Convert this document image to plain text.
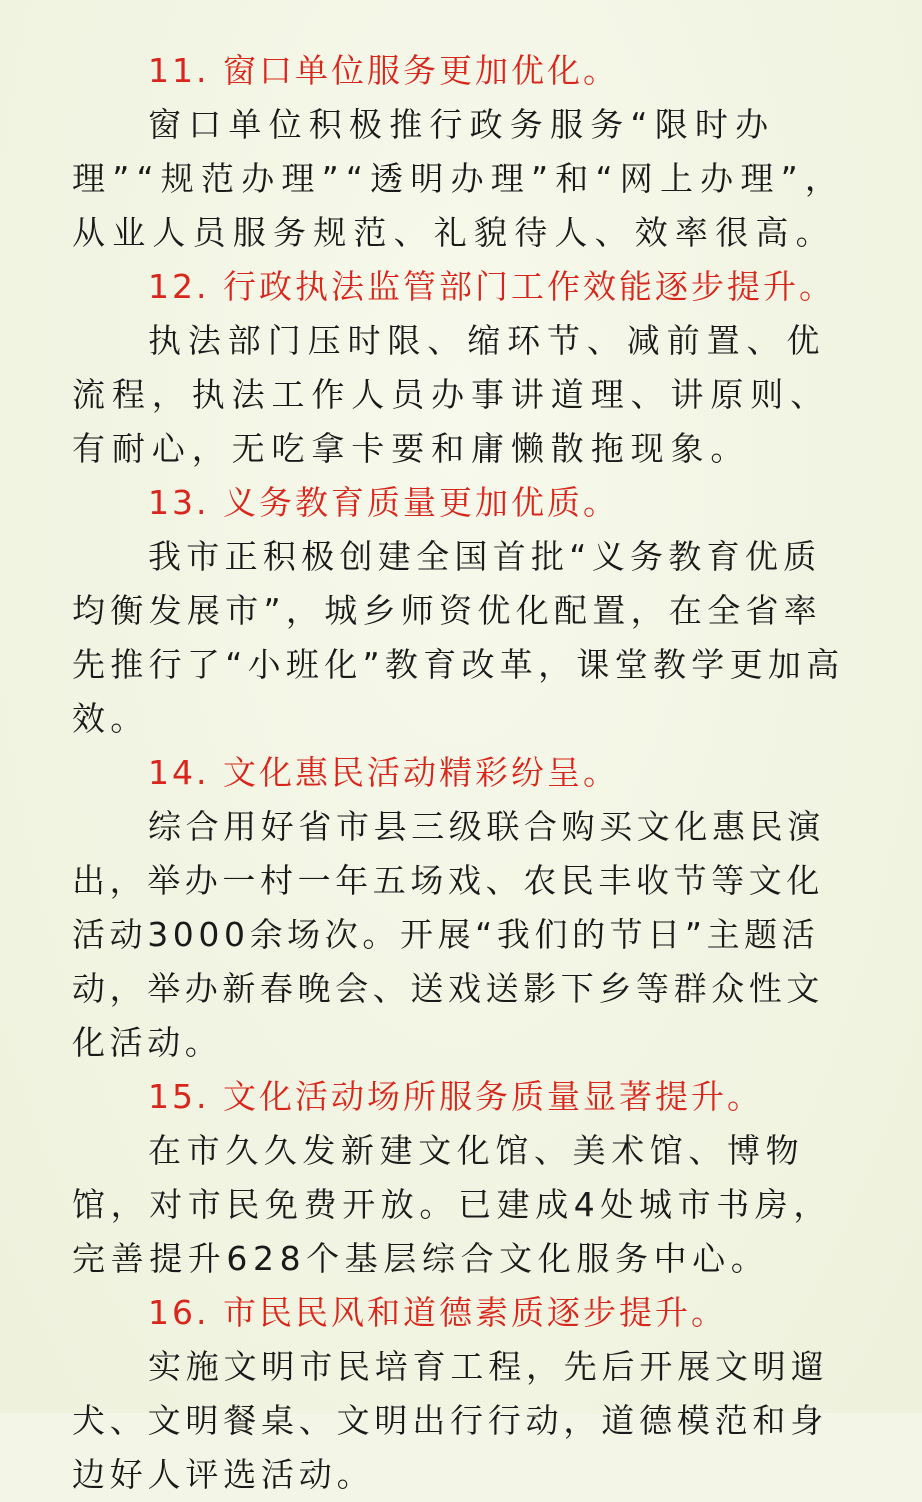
11. 窗口单位服务更加优化。
窗口单位积极推行政务服务“限时办理”“规范办理”“透明办理”和“网上办理”，从业人员服务规范、礼貌待人、效率很高。
12. 行政执法监管部门工作效能逐步提升。
执法部门压时限、缩环节、减前置、优流程，执法工作人员办事讲道理、讲原则、有耐心，无吃拿卡要和庸懒散拖现象。
13. 义务教育质量更加优质。
我市正积极创建全国首批“义务教育优质均衡发展市”，城乡师资优化配置，在全省率先推行了“小班化”教育改革，课堂教学更加高效。
14. 文化惠民活动精彩纷呈。
综合用好省市县三级联合购买文化惠民演出，举办一村一年五场戏、农民丰收节等文化活动3000余场次。开展“我们的节日”主题活动，举办新春晚会、送戏送影下乡等群众性文化活动。
15. 文化活动场所服务质量显著提升。
在市久久发新建文化馆、美术馆、博物馆，对市民免费开放。已建成4处城市书房，完善提升628个基层综合文化服务中心。
16. 市民民风和道德素质逐步提升。
实施文明市民培育工程，先后开展文明遛犬、文明餐桌、文明出行行动，道德模范和身边好人评选活动。
